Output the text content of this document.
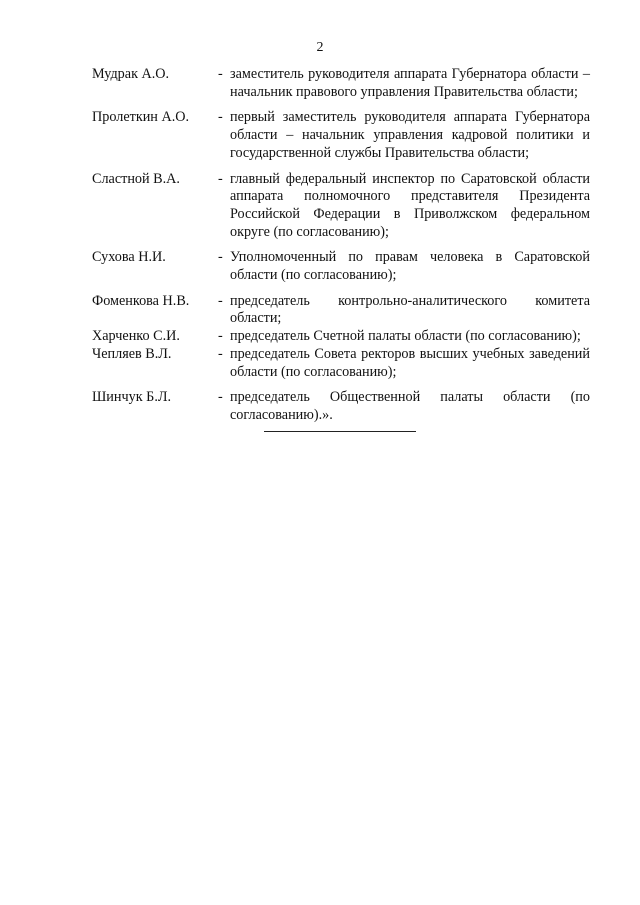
2
Мудрак А.О.	- заместитель руководителя аппарата Губернатора области – начальник правового управления Правительства области;
Пролеткин А.О.	- первый заместитель руководителя аппарата Губернатора области – начальник управления кадровой политики и государственной службы Правительства области;
Сластной В.А.	- главный федеральный инспектор по Саратовской области аппарата полномочного представителя Президента Российской Федерации в Приволжском федеральном округе (по согласованию);
Сухова Н.И.	- Уполномоченный по правам человека в Саратовской области (по согласованию);
Фоменкова Н.В.	- председатель контрольно-аналитического комитета области;
Харченко С.И.	- председатель Счетной палаты области (по согласованию);
Чепляев В.Л.	- председатель Совета ректоров высших учебных заведений области (по согласованию);
Шинчук Б.Л.	- председатель Общественной палаты области (по согласованию).».
